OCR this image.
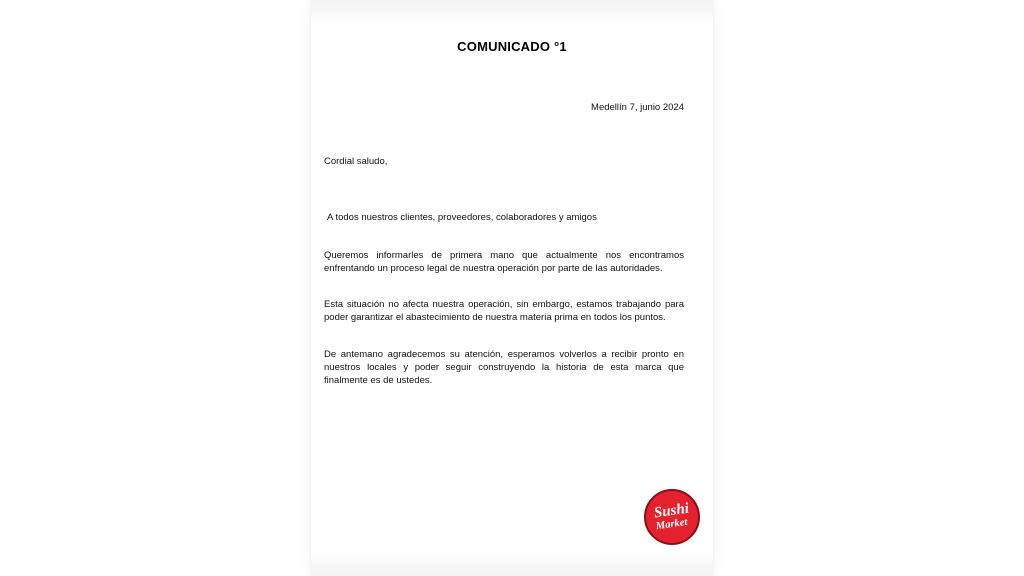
COMUNICADO °1
Medellín 7, junio 2024
Cordial saludo,
A todos nuestros clientes, proveedores, colaboradores y amigos
Queremos informarles de primera mano que actualmente nos encontramos enfrentando un proceso legal de nuestra operación por parte de las autoridades.
Esta situación no afecta nuestra operación, sin embargo, estamos trabajando para poder garantizar el abastecimiento de nuestra materia prima en todos los puntos.
De antemano agradecemos su atención, esperamos volverlos a recibir pronto en nuestros locales y poder seguir construyendo la historia de esta marca que finalmente es de ustedes.
Sushi
Market
